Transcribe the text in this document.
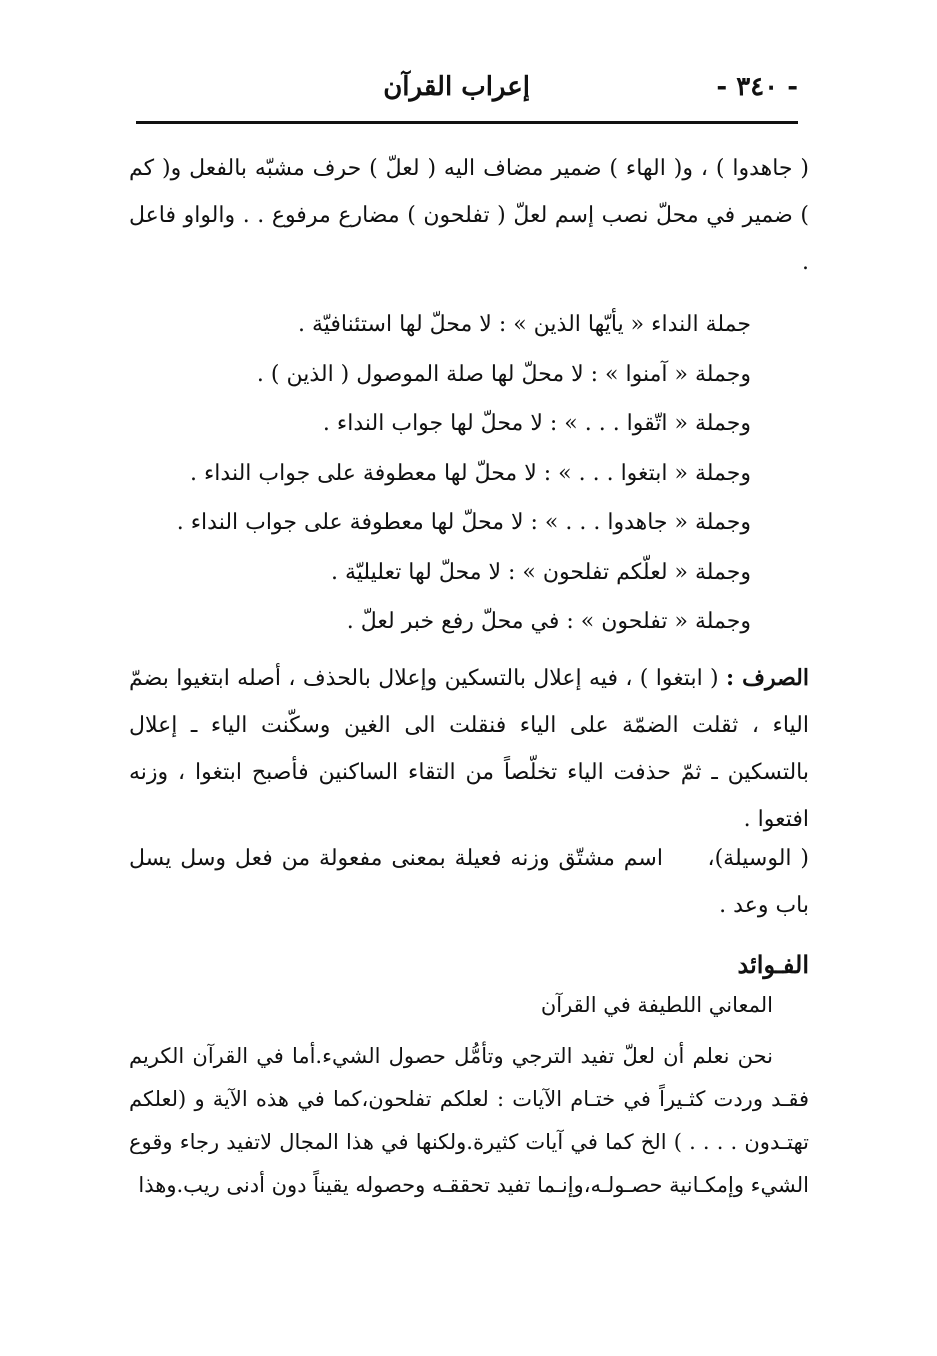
- ٣٤٠ -
إعراب القرآن

( جاهدوا ) ، و( الهاء ) ضمير مضاف اليه ( لعلّ ) حرف مشبّه بالفعل و( كم ) ضمير في محلّ نصب إسم لعلّ ( تفلحون ) مضارع مرفوع . . والواو فاعل .

جملة النداء « يأيّها الذين » : لا محلّ لها استئنافيّة .
وجملة « آمنوا » : لا محلّ لها صلة الموصول ( الذين ) .
وجملة « اتّقوا . . . » : لا محلّ لها جواب النداء .
وجملة « ابتغوا . . . » : لا محلّ لها معطوفة على جواب النداء .
وجملة « جاهدوا . . . » : لا محلّ لها معطوفة على جواب النداء .
وجملة « لعلّكم تفلحون » : لا محلّ لها تعليليّة .
وجملة « تفلحون » : في محلّ رفع خبر لعلّ .

الصرف : ( ابتغوا ) ، فيه إعلال بالتسكين وإعلال بالحذف ، أصله ابتغيوا بضمّ الياء ، ثقلت الضمّة على الياء فنقلت الى الغين وسكّنت الياء ـ إعلال بالتسكين ـ ثمّ حذفت الياء تخلّصاً من التقاء الساكنين فأصبح ابتغوا ، وزنه افتعوا .

( الوسيلة)،     اسم مشتّق وزنه فعيلة بمعنى مفعولة من فعل وسل يسل باب وعد .

الفـوائد
المعاني اللطيفة في القرآن

نحن نعلم أن لعلّ تفيد الترجي وتأمُّل حصول الشيء.أما في القرآن الكريم فقـد وردت كثـيراً في ختـام الآيات : لعلكم تفلحون،كما في هذه الآية و (لعلكم تهتـدون . . . . ) الخ كما في آيات كثيرة.ولكنها في هذا المجال لاتفيد رجاء وقوع الشيء وإمكـانية حصـولـه،وإنـما تفيد تحققـه وحصوله يقيناً دون أدنى ريب.وهذا
